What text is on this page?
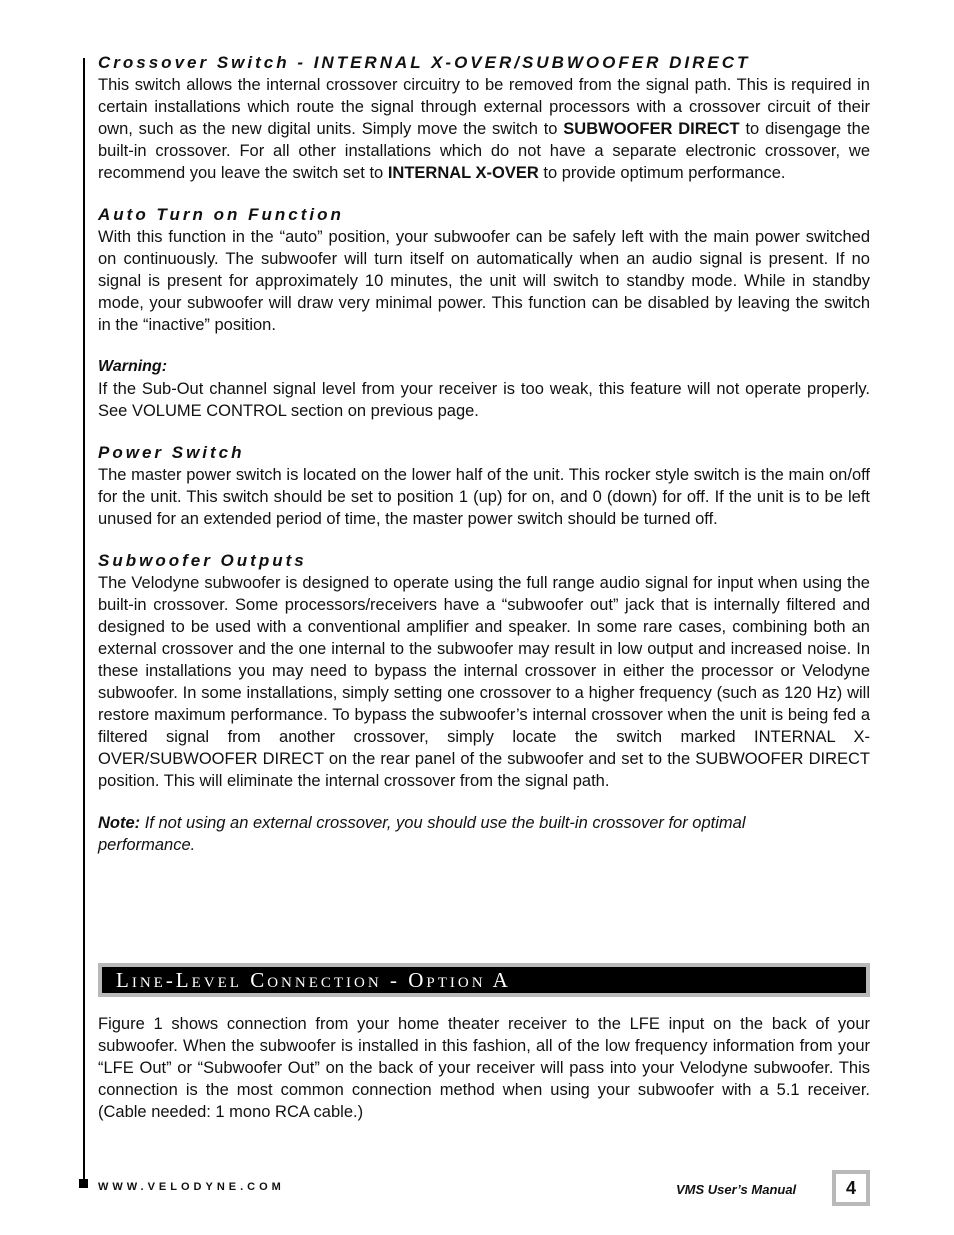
Crossover Switch - INTERNAL X-OVER/SUBWOOFER DIRECT

This switch allows the internal crossover circuitry to be removed from the signal path. This is required in certain installations which route the signal through external processors with a crossover circuit of their own, such as the new digital units. Simply move the switch to SUBWOOFER DIRECT to disengage the built-in crossover. For all other installations which do not have a separate electronic crossover, we recommend you leave the switch set to INTERNAL X-OVER to provide optimum performance.

Auto Turn on Function

With this function in the “auto” position, your subwoofer can be safely left with the main power switched on continuously. The subwoofer will turn itself on automatically when an audio signal is present. If no signal is present for approximately 10 minutes, the unit will switch to standby mode. While in standby mode, your subwoofer will draw very minimal power. This function can be disabled by leaving the switch in the “inactive” position.

Warning:

If the Sub-Out channel signal level from your receiver is too weak, this feature will not operate properly. See VOLUME CONTROL section on previous page.

Power Switch

The master power switch is located on the lower half of the unit. This rocker style switch is the main on/off for the unit. This switch should be set to position 1 (up) for on, and 0 (down) for off. If the unit is to be left unused for an extended period of time, the master power switch should be turned off.

Subwoofer Outputs

The Velodyne subwoofer is designed to operate using the full range audio signal for input when using the built-in crossover. Some processors/receivers have a “subwoofer out” jack that is internally filtered and designed to be used with a conventional amplifier and speaker. In some rare cases, combining both an external crossover and the one internal to the subwoofer may result in low output and increased noise. In these installations you may need to bypass the internal crossover in either the processor or Velodyne subwoofer. In some installations, simply setting one crossover to a higher frequency (such as 120 Hz) will restore maximum performance. To bypass the subwoofer’s internal crossover when the unit is being fed a filtered signal from another crossover, simply locate the switch marked INTERNAL X-OVER/SUBWOOFER DIRECT on the rear panel of the subwoofer and set to the SUBWOOFER DIRECT position. This will eliminate the internal crossover from the signal path.

Note: If not using an external crossover, you should use the built-in crossover for optimal performance.

Line-Level Connection - Option A

Figure 1 shows connection from your home theater receiver to the LFE input on the back of your subwoofer. When the subwoofer is installed in this fashion, all of the low frequency information from your “LFE Out” or “Subwoofer Out” on the back of your receiver will pass into your Velodyne subwoofer. This connection is the most common connection method when using your subwoofer with a 5.1 receiver. (Cable needed: 1 mono RCA cable.)

WWW.VELODYNE.COM	VMS User’s Manual	4
